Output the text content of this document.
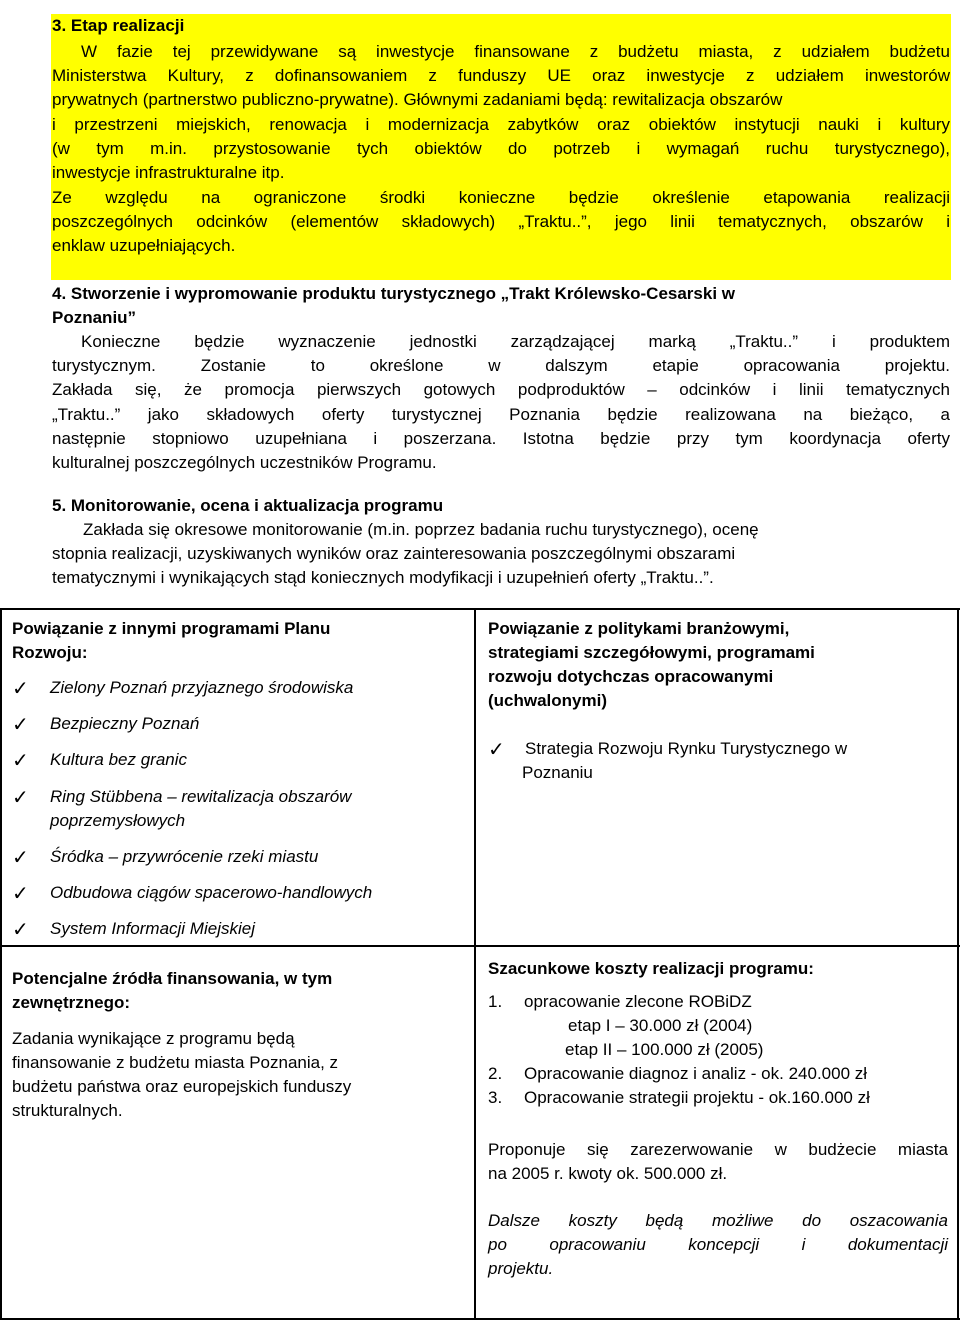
3. Etap realizacji
W fazie tej przewidywane są inwestycje finansowane z budżetu miasta, z udziałem budżetu
Ministerstwa Kultury, z dofinansowaniem z funduszy UE oraz inwestycje z udziałem inwestorów
prywatnych (partnerstwo publiczno-prywatne). Głównymi zadaniami będą: rewitalizacja obszarów
i przestrzeni miejskich, renowacja i modernizacja zabytków oraz obiektów instytucji nauki i kultury
(w tym m.in. przystosowanie tych obiektów do potrzeb i wymagań ruchu turystycznego),
inwestycje infrastrukturalne itp.
Ze względu na ograniczone środki konieczne będzie określenie etapowania realizacji
poszczególnych odcinków (elementów składowych) „Traktu..”, jego linii tematycznych, obszarów i
enklaw uzupełniających.
4. Stworzenie i wypromowanie produktu turystycznego „Trakt Królewsko-Cesarski w
Poznaniu”
Konieczne będzie wyznaczenie jednostki zarządzającej marką „Traktu..” i produktem
turystycznym. Zostanie to określone w dalszym etapie opracowania projektu.
Zakłada się, że promocja pierwszych gotowych podproduktów – odcinków i linii tematycznych
„Traktu..” jako składowych oferty turystycznej Poznania będzie realizowana na bieżąco, a
następnie stopniowo uzupełniana i poszerzana. Istotna będzie przy tym koordynacja oferty
kulturalnej poszczególnych uczestników Programu.
5. Monitorowanie, ocena i aktualizacja programu
Zakłada się okresowe monitorowanie (m.in. poprzez badania ruchu turystycznego), ocenę
stopnia realizacji, uzyskiwanych wyników oraz zainteresowania poszczególnymi obszarami
tematycznymi i wynikających stąd koniecznych modyfikacji i uzupełnień oferty „Traktu..”.
Powiązanie z innymi programami Planu
Rozwoju:
✓ Zielony Poznań przyjaznego środowiska
✓ Bezpieczny Poznań
✓ Kultura bez granic
✓ Ring Stübbena – rewitalizacja obszarów
poprzemysłowych
✓ Śródka – przywrócenie rzeki miastu
✓ Odbudowa ciągów spacerowo-handlowych
✓ System Informacji Miejskiej
Powiązanie z politykami branżowymi,
strategiami szczegółowymi, programami
rozwoju dotychczas opracowanymi
(uchwalonymi)
✓ Strategia Rozwoju Rynku Turystycznego w
Poznaniu
Potencjalne źródła finansowania, w tym
zewnętrznego:
Zadania wynikające z programu będą
finansowanie z budżetu miasta Poznania, z
budżetu państwa oraz europejskich funduszy
strukturalnych.
Szacunkowe koszty realizacji programu:
1. opracowanie zlecone ROBiDZ
etap I – 30.000 zł (2004)
etap II – 100.000 zł (2005)
2. Opracowanie diagnoz i analiz - ok. 240.000 zł
3. Opracowanie strategii projektu - ok.160.000 zł
Proponuje się zarezerwowanie w budżecie miasta
na 2005 r. kwoty ok. 500.000 zł.
Dalsze koszty będą możliwe do oszacowania
po opracowaniu koncepcji i dokumentacji
projektu.
